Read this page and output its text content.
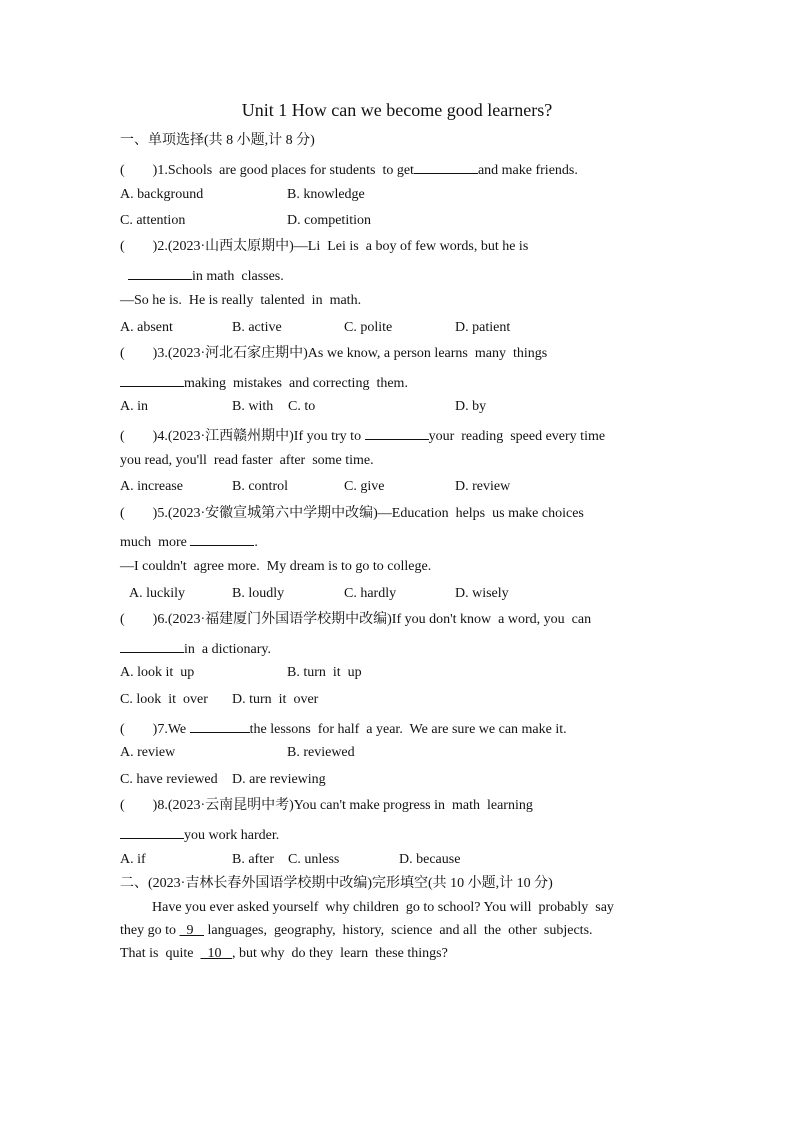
Unit 1 How can we become good learners?
一、单项选择(共 8 小题,计 8 分)
(        )1.Schools  are good places for students  to get	and make friends.
A. background	B. knowledge
C. attention	D. competition
(        )2.(2023·山西太原期中)—Li  Lei is  a boy of few words, but he is
in math  classes.
—So he is.  He is really  talented  in  math.
A. absent	B. active	C. polite	D. patient
(        )3.(2023·河北石家庄期中)As we know, a person learns  many  things
making  mistakes  and correcting  them.
A. in	B. with C. to	D. by
(        )4.(2023·江西赣州期中)If you try to	your  reading  speed every time
you read, you'll  read faster  after  some time.
A. increase	B. control	C. give	D. review
(        )5.(2023·安徽宣城第六中学期中改编)—Education  helps  us make choices
much  more	.
—I couldn't  agree more.  My dream is to go to college.
A. luckily	B. loudly	C. hardly	D. wisely
(        )6.(2023·福建厦门外国语学校期中改编)If you don't know  a word, you  can
in  a dictionary.
A. look it  up	B. turn  it  up
C. look  it  over D. turn  it  over
(        )7.We	the lessons  for half  a year.  We are sure we can make it.
A. review	B. reviewed
C. have reviewed D. are reviewing
(        )8.(2023·云南昆明中考)You can't make progress in  math  learning
you work harder.
A. if	B. after C. unless	D. because
二、(2023·吉林长春外国语学校期中改编)完形填空(共 10 小题,计 10 分)
Have you ever asked yourself  why children  go to school? You will  probably  say
they go to   9    languages,  geography,  history,  science  and all  the  other  subjects.
That is  quite    10 , but why  do they  learn  these things?
